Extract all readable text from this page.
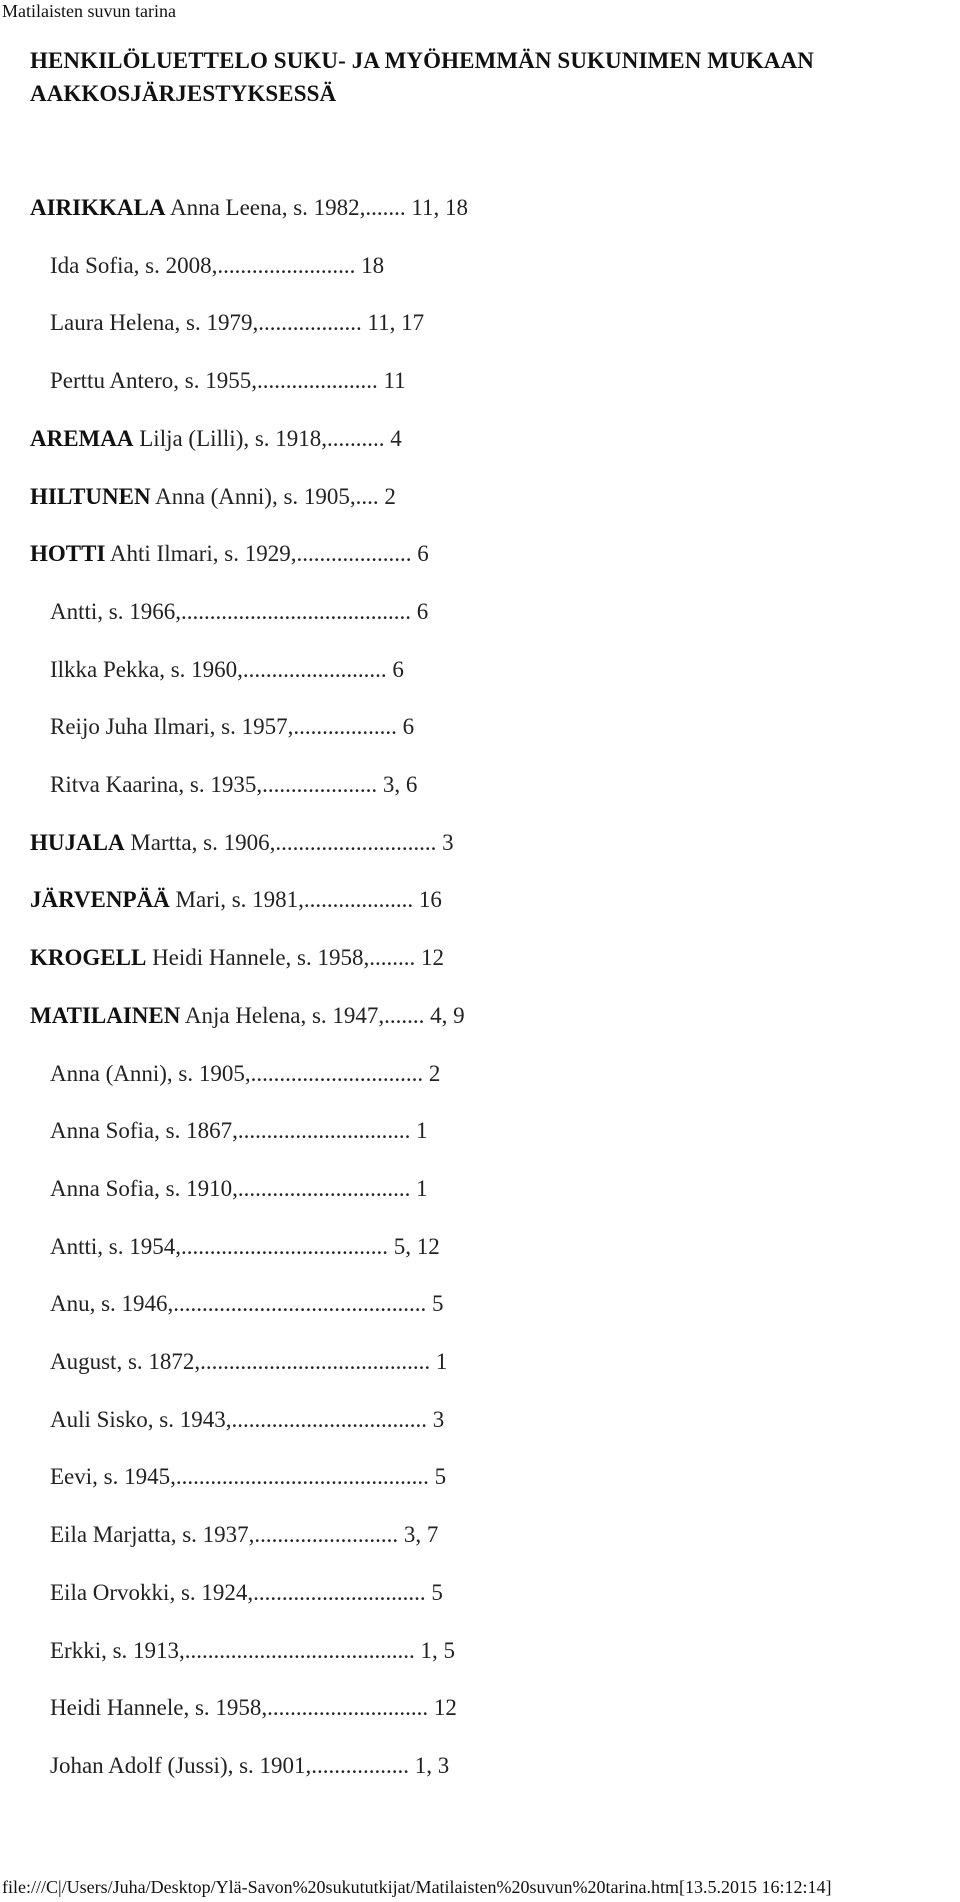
Matilaisten suvun tarina
HENKILÖLUETTELO SUKU- JA MYÖHEMMÄN SUKUNIMEN MUKAAN
AAKKOSJÄRJESTYKSESSÄ
AIRIKKALA Anna Leena, s. 1982,....... 11, 18
Ida Sofia, s. 2008,........................ 18
Laura Helena, s. 1979,.................. 11, 17
Perttu Antero, s. 1955,..................... 11
AREMAA Lilja (Lilli), s. 1918,.......... 4
HILTUNEN Anna (Anni), s. 1905,.... 2
HOTTI Ahti Ilmari, s. 1929,.................... 6
Antti, s. 1966,........................................ 6
Ilkka Pekka, s. 1960,......................... 6
Reijo Juha Ilmari, s. 1957,.................. 6
Ritva Kaarina, s. 1935,.................... 3, 6
HUJALA Martta, s. 1906,............................ 3
JÄRVENPÄÄ Mari, s. 1981,................... 16
KROGELL Heidi Hannele, s. 1958,........ 12
MATILAINEN Anja Helena, s. 1947,....... 4, 9
Anna (Anni), s. 1905,.............................. 2
Anna Sofia, s. 1867,.............................. 1
Anna Sofia, s. 1910,.............................. 1
Antti, s. 1954,.................................... 5, 12
Anu, s. 1946,............................................ 5
August, s. 1872,........................................ 1
Auli Sisko, s. 1943,.................................. 3
Eevi, s. 1945,............................................ 5
Eila Marjatta, s. 1937,......................... 3, 7
Eila Orvokki, s. 1924,.............................. 5
Erkki, s. 1913,........................................ 1, 5
Heidi Hannele, s. 1958,............................ 12
Johan Adolf (Jussi), s. 1901,................. 1, 3
file:///C|/Users/Juha/Desktop/Ylä-Savon%20sukututkijat/Matilaisten%20suvun%20tarina.htm[13.5.2015 16:12:14]
